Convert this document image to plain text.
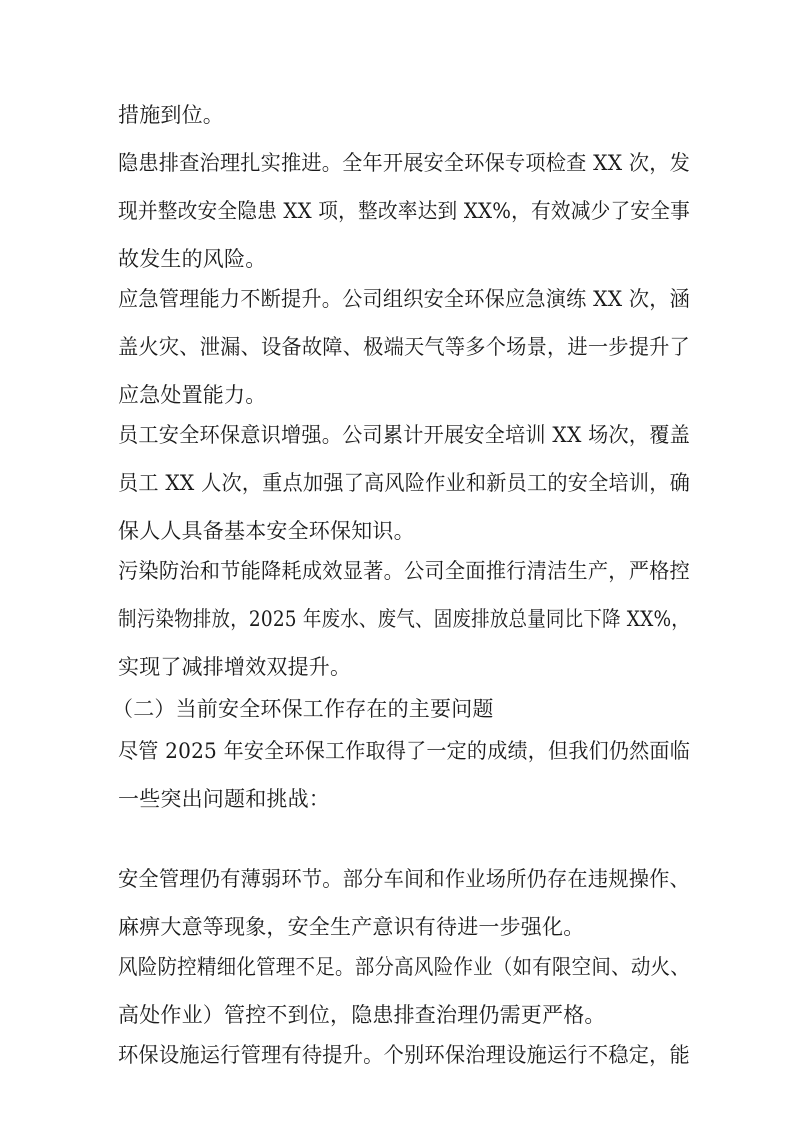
措施到位。
隐患排查治理扎实推进。全年开展安全环保专项检查 XX 次，发
现并整改安全隐患 XX 项，整改率达到 XX%，有效减少了安全事
故发生的风险。
应急管理能力不断提升。公司组织安全环保应急演练 XX 次，涵
盖火灾、泄漏、设备故障、极端天气等多个场景，进一步提升了
应急处置能力。
员工安全环保意识增强。公司累计开展安全培训 XX 场次，覆盖
员工 XX 人次，重点加强了高风险作业和新员工的安全培训，确
保人人具备基本安全环保知识。
污染防治和节能降耗成效显著。公司全面推行清洁生产，严格控
制污染物排放，2025 年废水、废气、固废排放总量同比下降 XX%，
实现了减排增效双提升。
（二）当前安全环保工作存在的主要问题
尽管 2025 年安全环保工作取得了一定的成绩，但我们仍然面临
一些突出问题和挑战：
安全管理仍有薄弱环节。部分车间和作业场所仍存在违规操作、
麻痹大意等现象，安全生产意识有待进一步强化。
风险防控精细化管理不足。部分高风险作业（如有限空间、动火、
高处作业）管控不到位，隐患排查治理仍需更严格。
环保设施运行管理有待提升。个别环保治理设施运行不稳定，能
